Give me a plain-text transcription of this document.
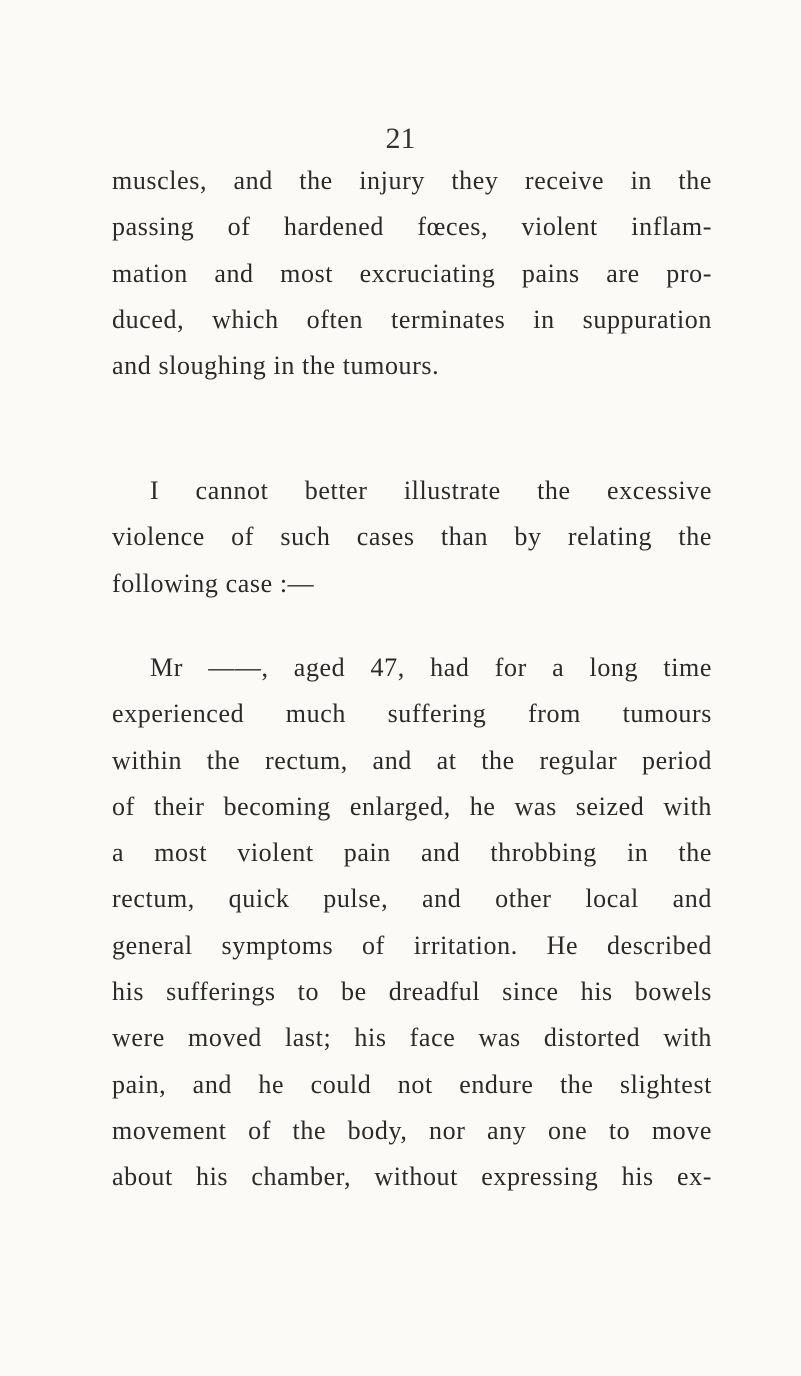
21
muscles, and the injury they receive in the
passing of hardened fœces, violent inflam-
mation and most excruciating pains are pro-
duced, which often terminates in suppuration
and sloughing in the tumours.
I cannot better illustrate the excessive
violence of such cases than by relating the
following case :—
Mr ——, aged 47, had for a long time
experienced much suffering from tumours
within the rectum, and at the regular period
of their becoming enlarged, he was seized with
a most violent pain and throbbing in the
rectum, quick pulse, and other local and
general symptoms of irritation. He described
his sufferings to be dreadful since his bowels
were moved last; his face was distorted with
pain, and he could not endure the slightest
movement of the body, nor any one to move
about his chamber, without expressing his ex-
